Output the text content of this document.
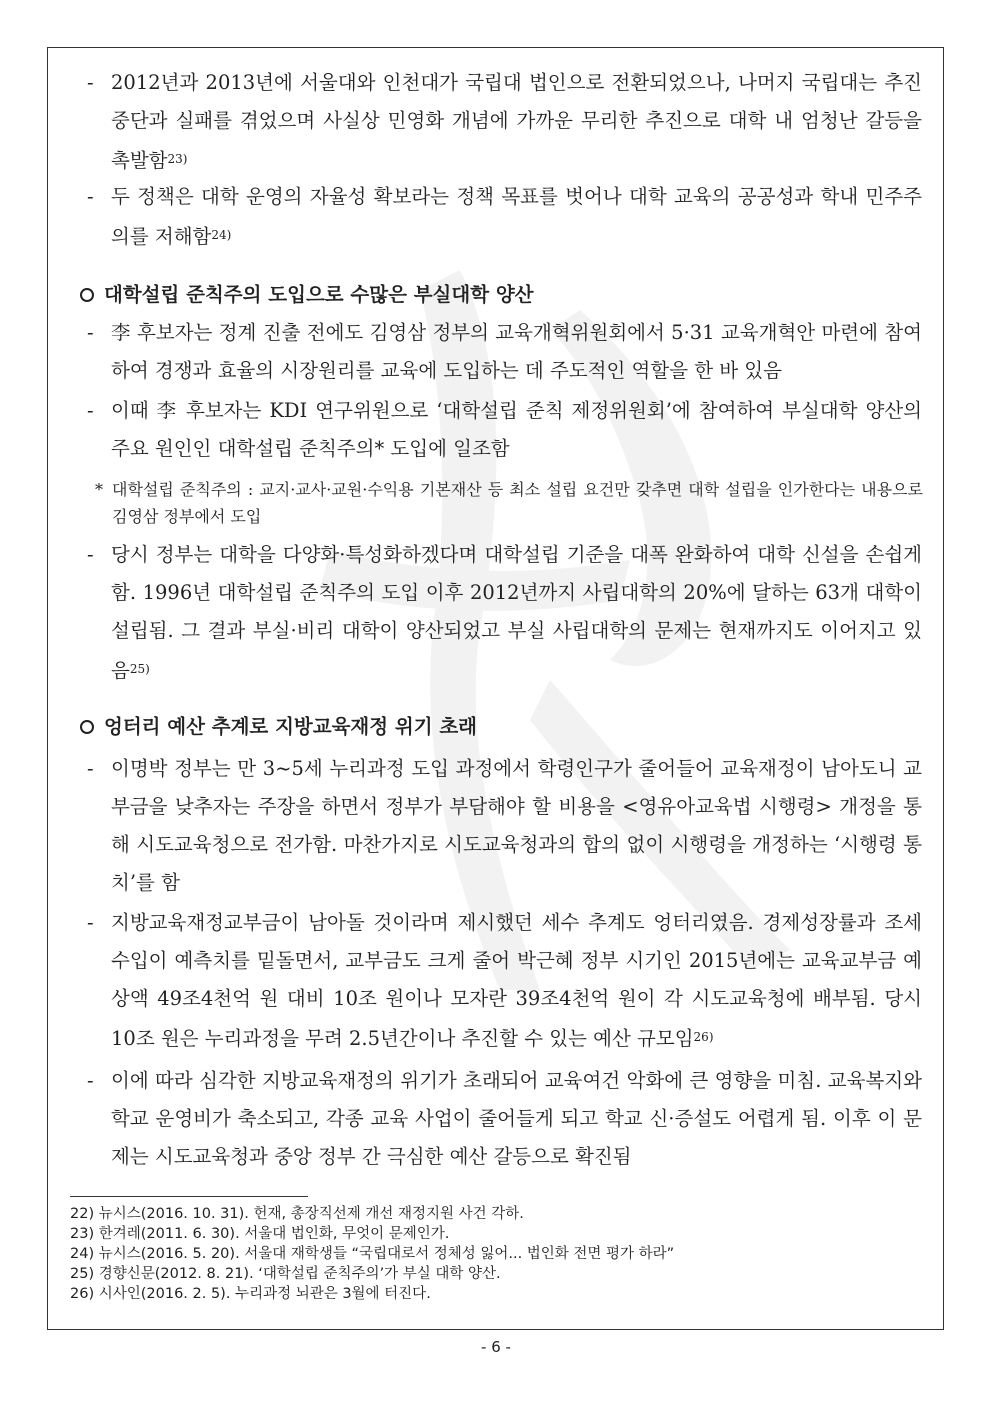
- 2012년과 2013년에 서울대와 인천대가 국립대 법인으로 전환되었으나, 나머지 국립대는 추진 중단과 실패를 겪었으며 사실상 민영화 개념에 가까운 무리한 추진으로 대학 내 엄청난 갈등을 촉발함$^{23)}$
- 두 정책은 대학 운영의 자율성 확보라는 정책 목표를 벗어나 대학 교육의 공공성과 학내 민주주의를 저해함$^{24)}$
대학설립 준칙주의 도입으로 수많은 부실대학 양산
- 李 후보자는 정계 진출 전에도 김영삼 정부의 교육개혁위원회에서 5·31 교육개혁안 마련에 참여하여 경쟁과 효율의 시장원리를 교육에 도입하는 데 주도적인 역할을 한 바 있음
- 이때 李 후보자는 KDI 연구위원으로 ‘대학설립 준칙 제정위원회’에 참여하여 부실대학 양산의 주요 원인인 대학설립 준칙주의* 도입에 일조함
* 대학설립 준칙주의 : 교지·교사·교원·수익용 기본재산 등 최소 설립 요건만 갖추면 대학 설립을 인가한다는 내용으로 김영삼 정부에서 도입
- 당시 정부는 대학을 다양화·특성화하겠다며 대학설립 기준을 대폭 완화하여 대학 신설을 손쉽게 함. 1996년 대학설립 준칙주의 도입 이후 2012년까지 사립대학의 20%에 달하는 63개 대학이 설립됨. 그 결과 부실·비리 대학이 양산되었고 부실 사립대학의 문제는 현재까지도 이어지고 있음$^{25)}$
엉터리 예산 추계로 지방교육재정 위기 초래
- 이명박 정부는 만 3~5세 누리과정 도입 과정에서 학령인구가 줄어들어 교육재정이 남아도니 교부금을 낮추자는 주장을 하면서 정부가 부담해야 할 비용을 <영유아교육법 시행령> 개정을 통해 시도교육청으로 전가함. 마찬가지로 시도교육청과의 합의 없이 시행령을 개정하는 ‘시행령 통치’를 함
- 지방교육재정교부금이 남아돌 것이라며 제시했던 세수 추계도 엉터리였음. 경제성장률과 조세 수입이 예측치를 밑돌면서, 교부금도 크게 줄어 박근혜 정부 시기인 2015년에는 교육교부금 예상액 49조4천억 원 대비 10조 원이나 모자란 39조4천억 원이 각 시도교육청에 배부됨. 당시 10조 원은 누리과정을 무려 2.5년간이나 추진할 수 있는 예산 규모임$^{26)}$
- 이에 따라 심각한 지방교육재정의 위기가 초래되어 교육여건 악화에 큰 영향을 미침. 교육복지와 학교 운영비가 축소되고, 각종 교육 사업이 줄어들게 되고 학교 신·증설도 어렵게 됨. 이후 이 문제는 시도교육청과 중앙 정부 간 극심한 예산 갈등으로 확진됨
22) 뉴시스(2016. 10. 31). 헌재, 총장직선제 개선 재정지원 사건 각하.
23) 한겨레(2011. 6. 30). 서울대 법인화, 무엇이 문제인가.
24) 뉴시스(2016. 5. 20). 서울대 재학생들 “국립대로서 정체성 잃어... 법인화 전면 평가 하라”
25) 경향신문(2012. 8. 21). ‘대학설립 준칙주의’가 부실 대학 양산.
26) 시사인(2016. 2. 5). 누리과정 뇌관은 3월에 터진다.
- 6 -
